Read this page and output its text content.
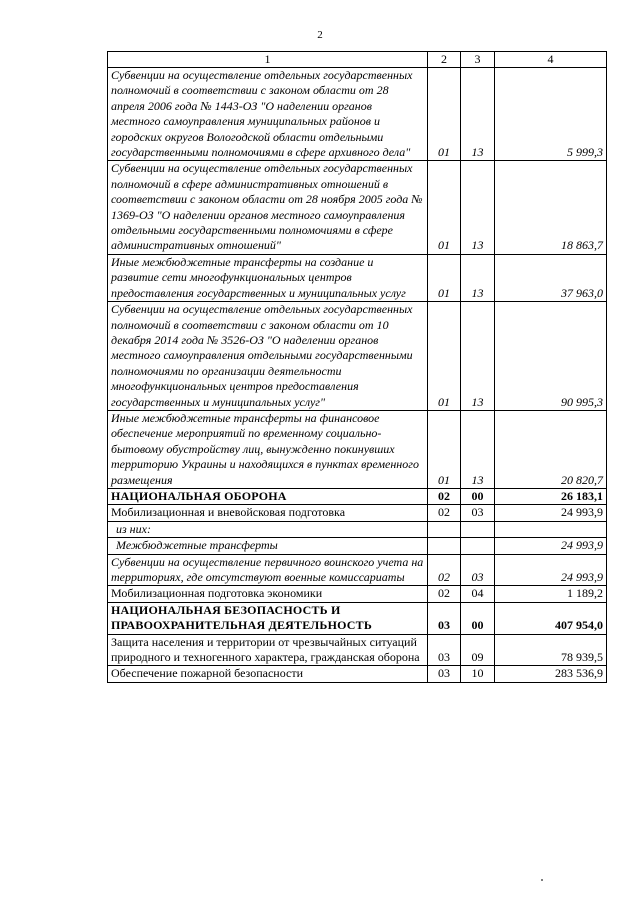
2
1	2	3	4
Субвенции на осуществление отдельных государственных полномочий в соответствии с законом области от 28 апреля 2006 года № 1443-ОЗ "О наделении органов местного самоуправления муниципальных районов и городских округов Вологодской области отдельными государственными полномочиями в сфере архивного дела"	01	13	5 999,3
Субвенции на осуществление отдельных государственных полномочий в сфере административных отношений в соответствии с законом области от 28 ноября 2005 года № 1369-ОЗ "О наделении органов местного самоуправления отдельными государственными полномочиями в сфере административных отношений"	01	13	18 863,7
Иные межбюджетные трансферты на создание и развитие сети многофункциональных центров предоставления государственных и муниципальных услуг	01	13	37 963,0
Субвенции на осуществление отдельных государственных полномочий в соответствии с законом области от 10 декабря 2014 года № 3526-ОЗ "О наделении органов местного самоуправления отдельными государственными полномочиями по организации деятельности многофункциональных центров предоставления государственных и муниципальных услуг"	01	13	90 995,3
Иные межбюджетные трансферты на финансовое обеспечение мероприятий по временному социально-бытовому обустройству лиц, вынужденно покинувших территорию Украины и находящихся в пунктах временного размещения	01	13	20 820,7
НАЦИОНАЛЬНАЯ ОБОРОНА	02	00	26 183,1
Мобилизационная и вневойсковая подготовка	02	03	24 993,9
из них:			
Межбюджетные трансферты			24 993,9
Субвенции на осуществление первичного воинского учета на территориях, где отсутствуют военные комиссариаты	02	03	24 993,9
Мобилизационная подготовка экономики	02	04	1 189,2
НАЦИОНАЛЬНАЯ БЕЗОПАСНОСТЬ И ПРАВООХРАНИТЕЛЬНАЯ ДЕЯТЕЛЬНОСТЬ	03	00	407 954,0
Защита населения и территории от чрезвычайных ситуаций природного и техногенного характера, гражданская оборона	03	09	78 939,5
Обеспечение пожарной безопасности	03	10	283 536,9
